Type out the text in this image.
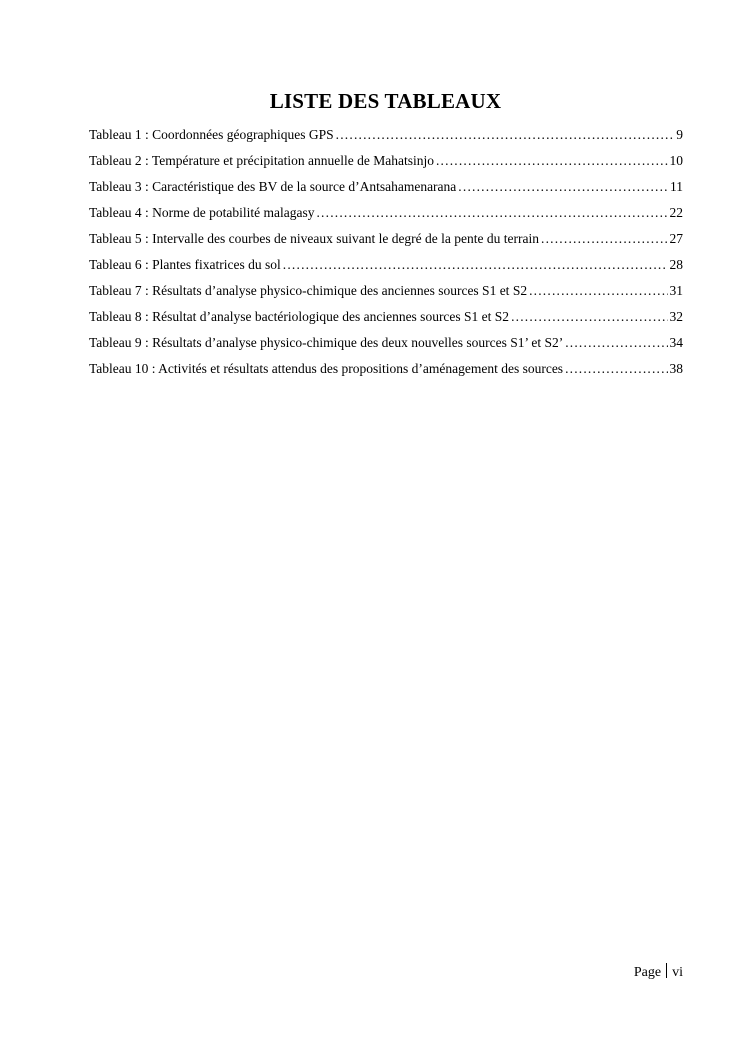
LISTE DES TABLEAUX
Tableau 1 : Coordonnées géographiques GPS .....	9
Tableau 2 : Température et précipitation annuelle de Mahatsinjo .....	10
Tableau 3 : Caractéristique des BV de la source d’Antsahamenarana .....	11
Tableau 4 : Norme de potabilité malagasy .....	22
Tableau 5 : Intervalle des courbes de niveaux suivant le degré de la pente du terrain .....	27
Tableau 6 : Plantes fixatrices du sol .....	28
Tableau 7 : Résultats d’analyse physico-chimique des anciennes sources S1 et S2 .....	31
Tableau 8 : Résultat d’analyse bactériologique des anciennes sources S1 et S2 .....	32
Tableau 9 : Résultats d’analyse physico-chimique des deux nouvelles sources S1’ et S2’ .....	34
Tableau 10 : Activités et résultats attendus des propositions d’aménagement des sources .....	38
Page vi
